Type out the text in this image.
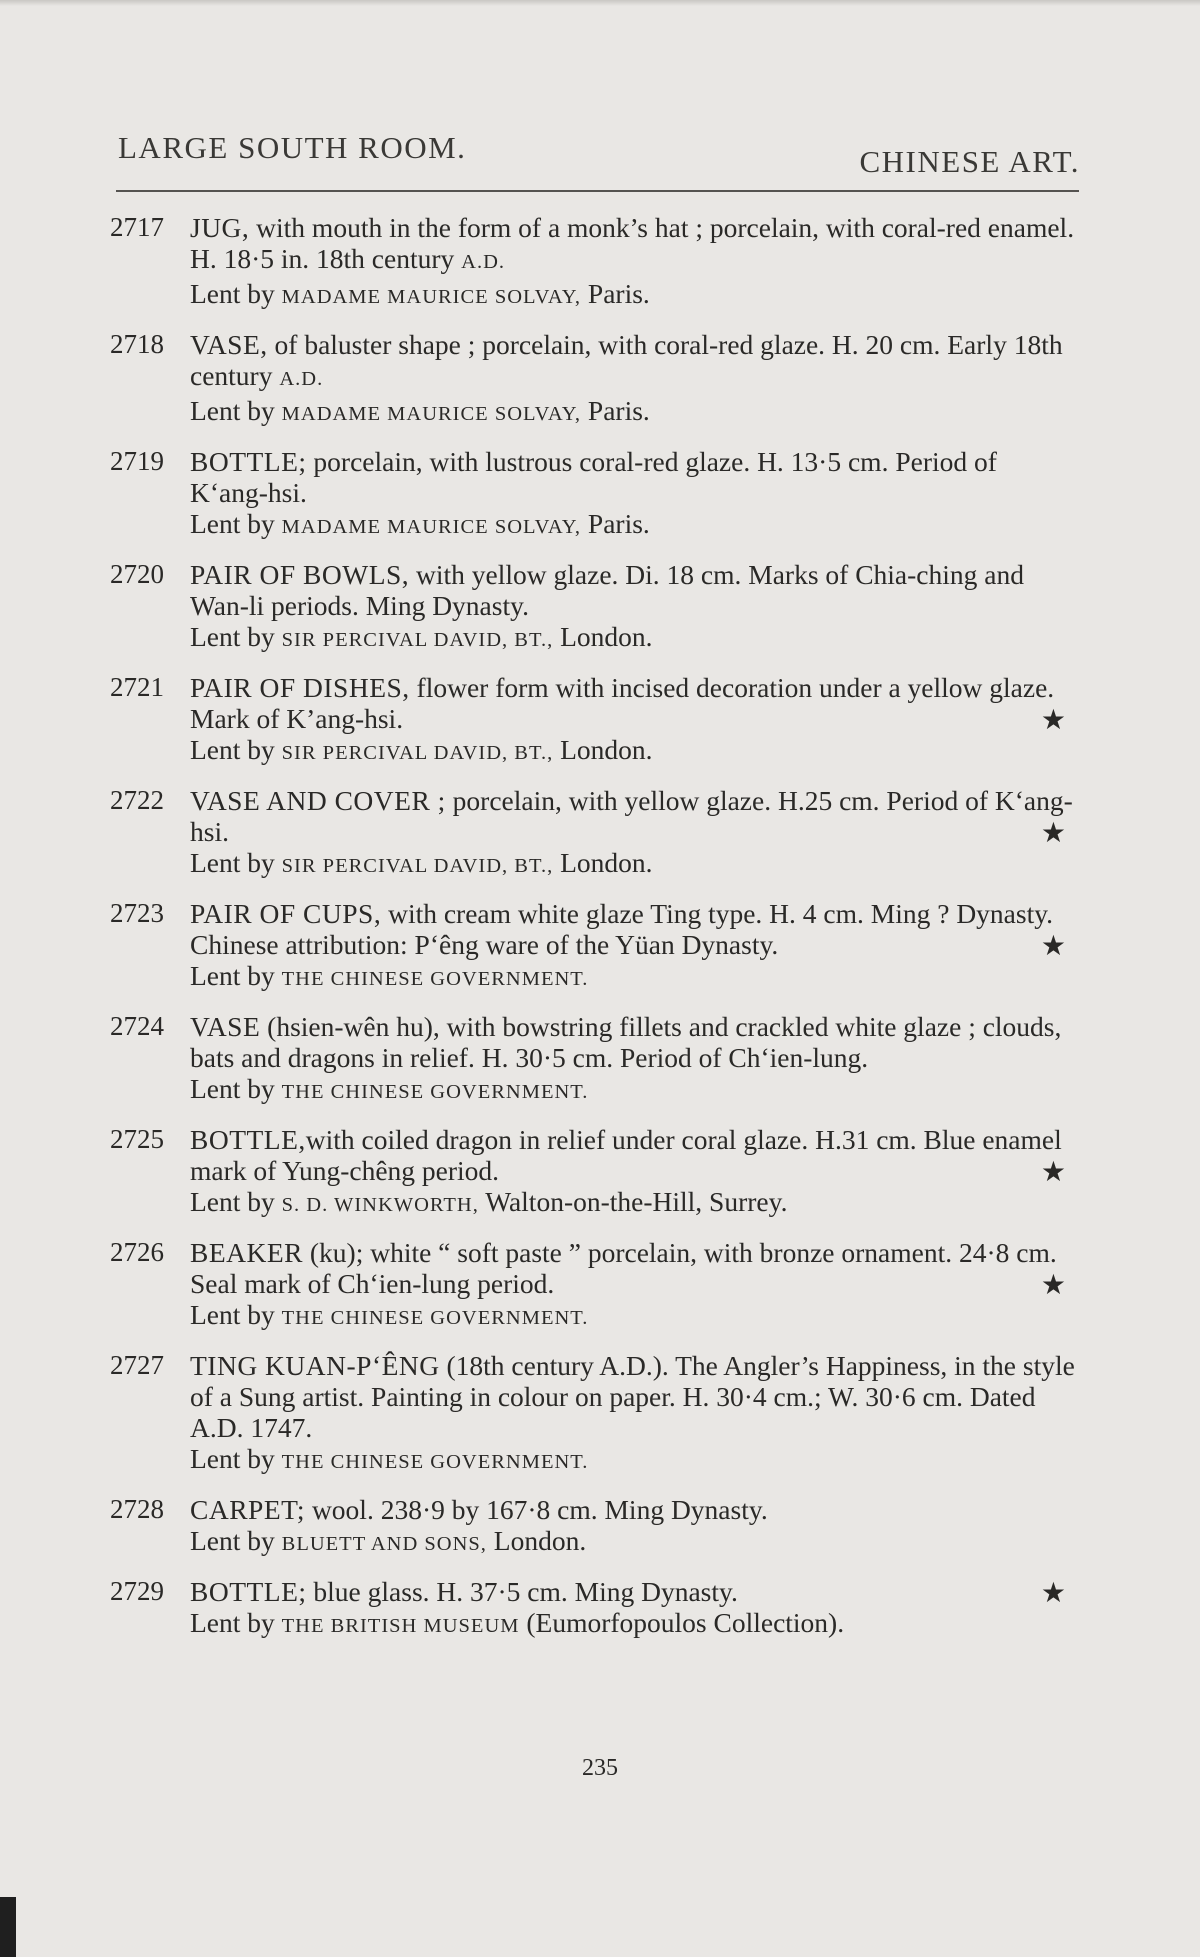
LARGE SOUTH ROOM.	CHINESE ART.
2717 JUG, with mouth in the form of a monk’s hat ; porcelain, with coral-red enamel. H. 18·5 in. 18th century A.D.
Lent by MADAME MAURICE SOLVAY, Paris.
2718 VASE, of baluster shape ; porcelain, with coral-red glaze. H. 20 cm. Early 18th century A.D.
Lent by MADAME MAURICE SOLVAY, Paris.
2719 BOTTLE; porcelain, with lustrous coral-red glaze. H. 13·5 cm. Period of K‘ang-hsi.
Lent by MADAME MAURICE SOLVAY, Paris.
2720 PAIR OF BOWLS, with yellow glaze. Di. 18 cm. Marks of Chia-ching and Wan-li periods. Ming Dynasty.
Lent by SIR PERCIVAL DAVID, BT., London.
2721 PAIR OF DISHES, flower form with incised decoration under a yellow glaze. Mark of K’ang-hsi.
Lent by SIR PERCIVAL DAVID, BT., London.
★
2722 VASE AND COVER ; porcelain, with yellow glaze. H.25 cm. Period of K‘ang-hsi.
Lent by SIR PERCIVAL DAVID, BT., London.
★
2723 PAIR OF CUPS, with cream white glaze Ting type. H. 4 cm. Ming ? Dynasty. Chinese attribution: P‘êng ware of the Yüan Dynasty.
Lent by THE CHINESE GOVERNMENT.
★
2724 VASE (hsien-wên hu), with bowstring fillets and crackled white glaze ; clouds, bats and dragons in relief. H. 30·5 cm. Period of Ch‘ien-lung.
Lent by THE CHINESE GOVERNMENT.
2725 BOTTLE,with coiled dragon in relief under coral glaze. H.31 cm. Blue enamel mark of Yung-chêng period.
Lent by S. D. WINKWORTH, Walton-on-the-Hill, Surrey.
★
2726 BEAKER (ku); white “ soft paste ” porcelain, with bronze ornament. 24·8 cm. Seal mark of Ch‘ien-lung period.
Lent by THE CHINESE GOVERNMENT.
★
2727 TING KUAN-P‘ÊNG (18th century A.D.). The Angler’s Happiness, in the style of a Sung artist. Painting in colour on paper. H. 30·4 cm.; W. 30·6 cm. Dated A.D. 1747.
Lent by THE CHINESE GOVERNMENT.
2728 CARPET; wool. 238·9 by 167·8 cm. Ming Dynasty.
Lent by BLUETT AND SONS, London.
2729 BOTTLE; blue glass. H. 37·5 cm. Ming Dynasty.
Lent by THE BRITISH MUSEUM (Eumorfopoulos Collection).
★
235
